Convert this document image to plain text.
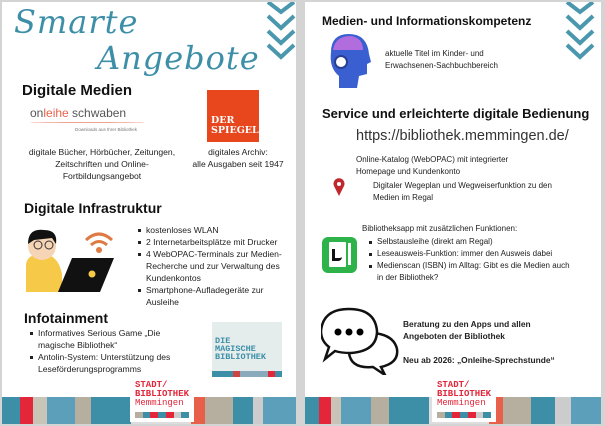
Smarte
Angebote
Digitale Medien
onleihe schwaben
Downloads aus Ihrer Bibliothek
digitale Bücher, Hörbücher, Zeitungen, Zeitschriften und Online-Fortbildungsangebot
DER
SPIEGEL
digitales Archiv:
alle Ausgaben seit 1947
Digitale Infrastruktur
kostenloses WLAN
2 Internetarbeitsplätze mit Drucker
4 WebOPAC-Terminals zur Medien-Recherche und zur Verwaltung des Kundenkontos
Smartphone-Aufladegeräte zur Ausleihe
Infotainment
Informatives Serious Game „Die magische Bibliothek“
Antolin-System: Unterstützung des Leseförderungsprogramms
DIE
MAGISCHE
BIBLIOTHEK
STADT/
BIBLIOTHEK
Memmingen
Medien- und Informationskompetenz
aktuelle Titel im Kinder- und Erwachsenen-Sachbuchbereich
Service und erleichterte digitale Bedienung
https://bibliothek.memmingen.de/
Online-Katalog (WebOPAC) mit integrierter Homepage und Kundenkonto
Digitaler Wegeplan und Wegweiserfunktion zu den Medien im Regal
Bibliotheksapp mit zusätzlichen Funktionen:
Selbstausleihe (direkt am Regal)
Leseausweis-Funktion: immer den Ausweis dabei
Medienscan (ISBN) im Alltag: Gibt es die Medien auch in der Bibliothek?
Beratung zu den Apps und allen Angeboten der Bibliothek
Neu ab 2026: „Onleihe-Sprechstunde“
STADT/
BIBLIOTHEK
Memmingen
